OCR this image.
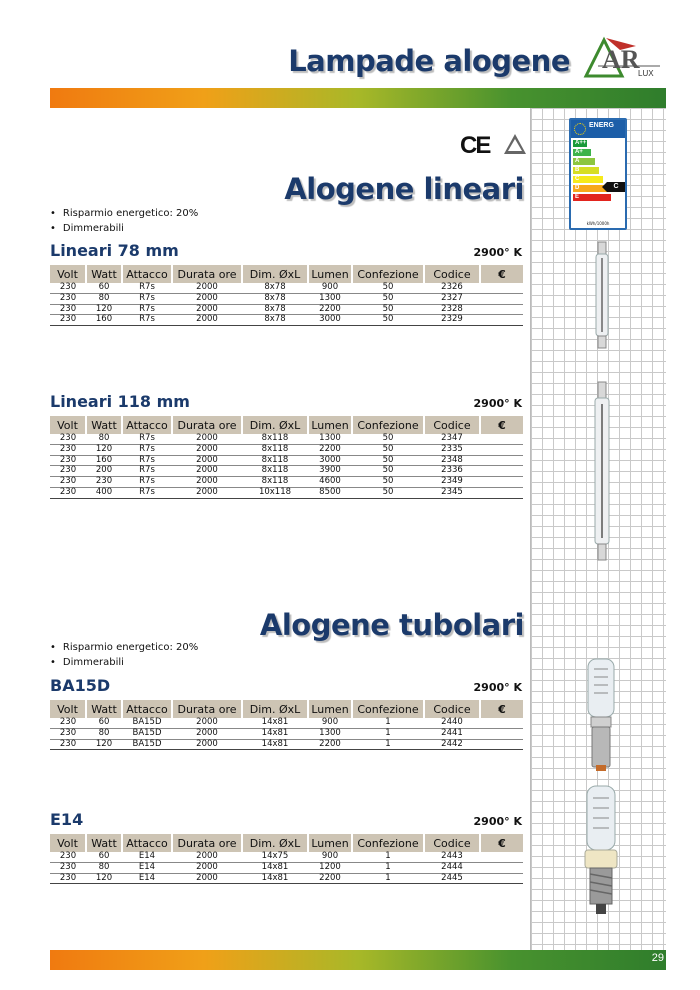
Lampade alogene AR
LUX
ENERG
A++
A+
A
B
C
D
E
C
kWh/1000h
CE
Alogene lineari
• Risparmio energetico: 20%
• Dimmerabili
Lineari 78 mm	2900° K
Volt	Watt	Attacco	Durata ore	Dim. ØxL	Lumen	Confezione	Codice	€
230	60	R7s	2000	8x78	900	50	2326	
230	80	R7s	2000	8x78	1300	50	2327	
230	120	R7s	2000	8x78	2200	50	2328	
230	160	R7s	2000	8x78	3000	50	2329	
Lineari 118 mm	2900° K
Volt	Watt	Attacco	Durata ore	Dim. ØxL	Lumen	Confezione	Codice	€
230	80	R7s	2000	8x118	1300	50	2347	
230	120	R7s	2000	8x118	2200	50	2335	
230	160	R7s	2000	8x118	3000	50	2348	
230	200	R7s	2000	8x118	3900	50	2336	
230	230	R7s	2000	8x118	4600	50	2349	
230	400	R7s	2000	10x118	8500	50	2345	
Alogene tubolari
• Risparmio energetico: 20%
• Dimmerabili
BA15D	2900° K
Volt	Watt	Attacco	Durata ore	Dim. ØxL	Lumen	Confezione	Codice	€
230	60	BA15D	2000	14x81	900	1	2440	
230	80	BA15D	2000	14x81	1300	1	2441	
230	120	BA15D	2000	14x81	2200	1	2442	
E14	2900° K
Volt	Watt	Attacco	Durata ore	Dim. ØxL	Lumen	Confezione	Codice	€
230	60	E14	2000	14x75	900	1	2443	
230	80	E14	2000	14x81	1200	1	2444	
230	120	E14	2000	14x81	2200	1	2445	
29
